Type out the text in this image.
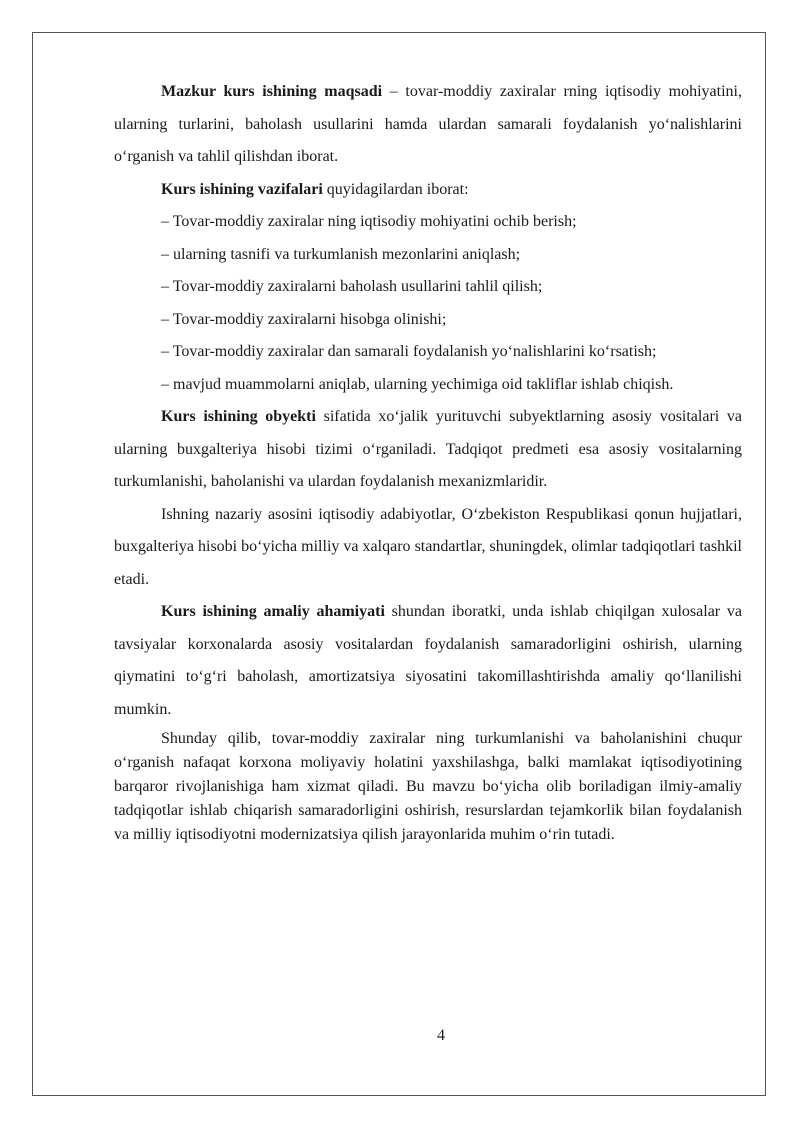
Mazkur kurs ishining maqsadi – tovar-moddiy zaxiralar rning iqtisodiy mohiyatini, ularning turlarini, baholash usullarini hamda ulardan samarali foydalanish yo‘nalishlarini o‘rganish va tahlil qilishdan iborat.

Kurs ishining vazifalari quyidagilardan iborat:

– Tovar-moddiy zaxiralar ning iqtisodiy mohiyatini ochib berish;

– ularning tasnifi va turkumlanish mezonlarini aniqlash;

– Tovar-moddiy zaxiralarni baholash usullarini tahlil qilish;

– Tovar-moddiy zaxiralarni hisobga olinishi;

– Tovar-moddiy zaxiralar dan samarali foydalanish yo‘nalishlarini ko‘rsatish;

– mavjud muammolarni aniqlab, ularning yechimiga oid takliflar ishlab chiqish.

Kurs ishining obyekti sifatida xo‘jalik yurituvchi subyektlarning asosiy vositalari va ularning buxgalteriya hisobi tizimi o‘rganiladi. Tadqiqot predmeti esa asosiy vositalarning turkumlanishi, baholanishi va ulardan foydalanish mexanizmlaridir.

Ishning nazariy asosini iqtisodiy adabiyotlar, O‘zbekiston Respublikasi qonun hujjatlari, buxgalteriya hisobi bo‘yicha milliy va xalqaro standartlar, shuningdek, olimlar tadqiqotlari tashkil etadi.

Kurs ishining amaliy ahamiyati shundan iboratki, unda ishlab chiqilgan xulosalar va tavsiyalar korxonalarda asosiy vositalardan foydalanish samaradorligini oshirish, ularning qiymatini to‘g‘ri baholash, amortizatsiya siyosatini takomillashtirishda amaliy qo‘llanilishi mumkin.

Shunday qilib, tovar-moddiy zaxiralar ning turkumlanishi va baholanishini chuqur o‘rganish nafaqat korxona moliyaviy holatini yaxshilashga, balki mamlakat iqtisodiyotining barqaror rivojlanishiga ham xizmat qiladi. Bu mavzu bo‘yicha olib boriladigan ilmiy-amaliy tadqiqotlar ishlab chiqarish samaradorligini oshirish, resurslardan tejamkorlik bilan foydalanish va milliy iqtisodiyotni modernizatsiya qilish jarayonlarida muhim o‘rin tutadi.

4
